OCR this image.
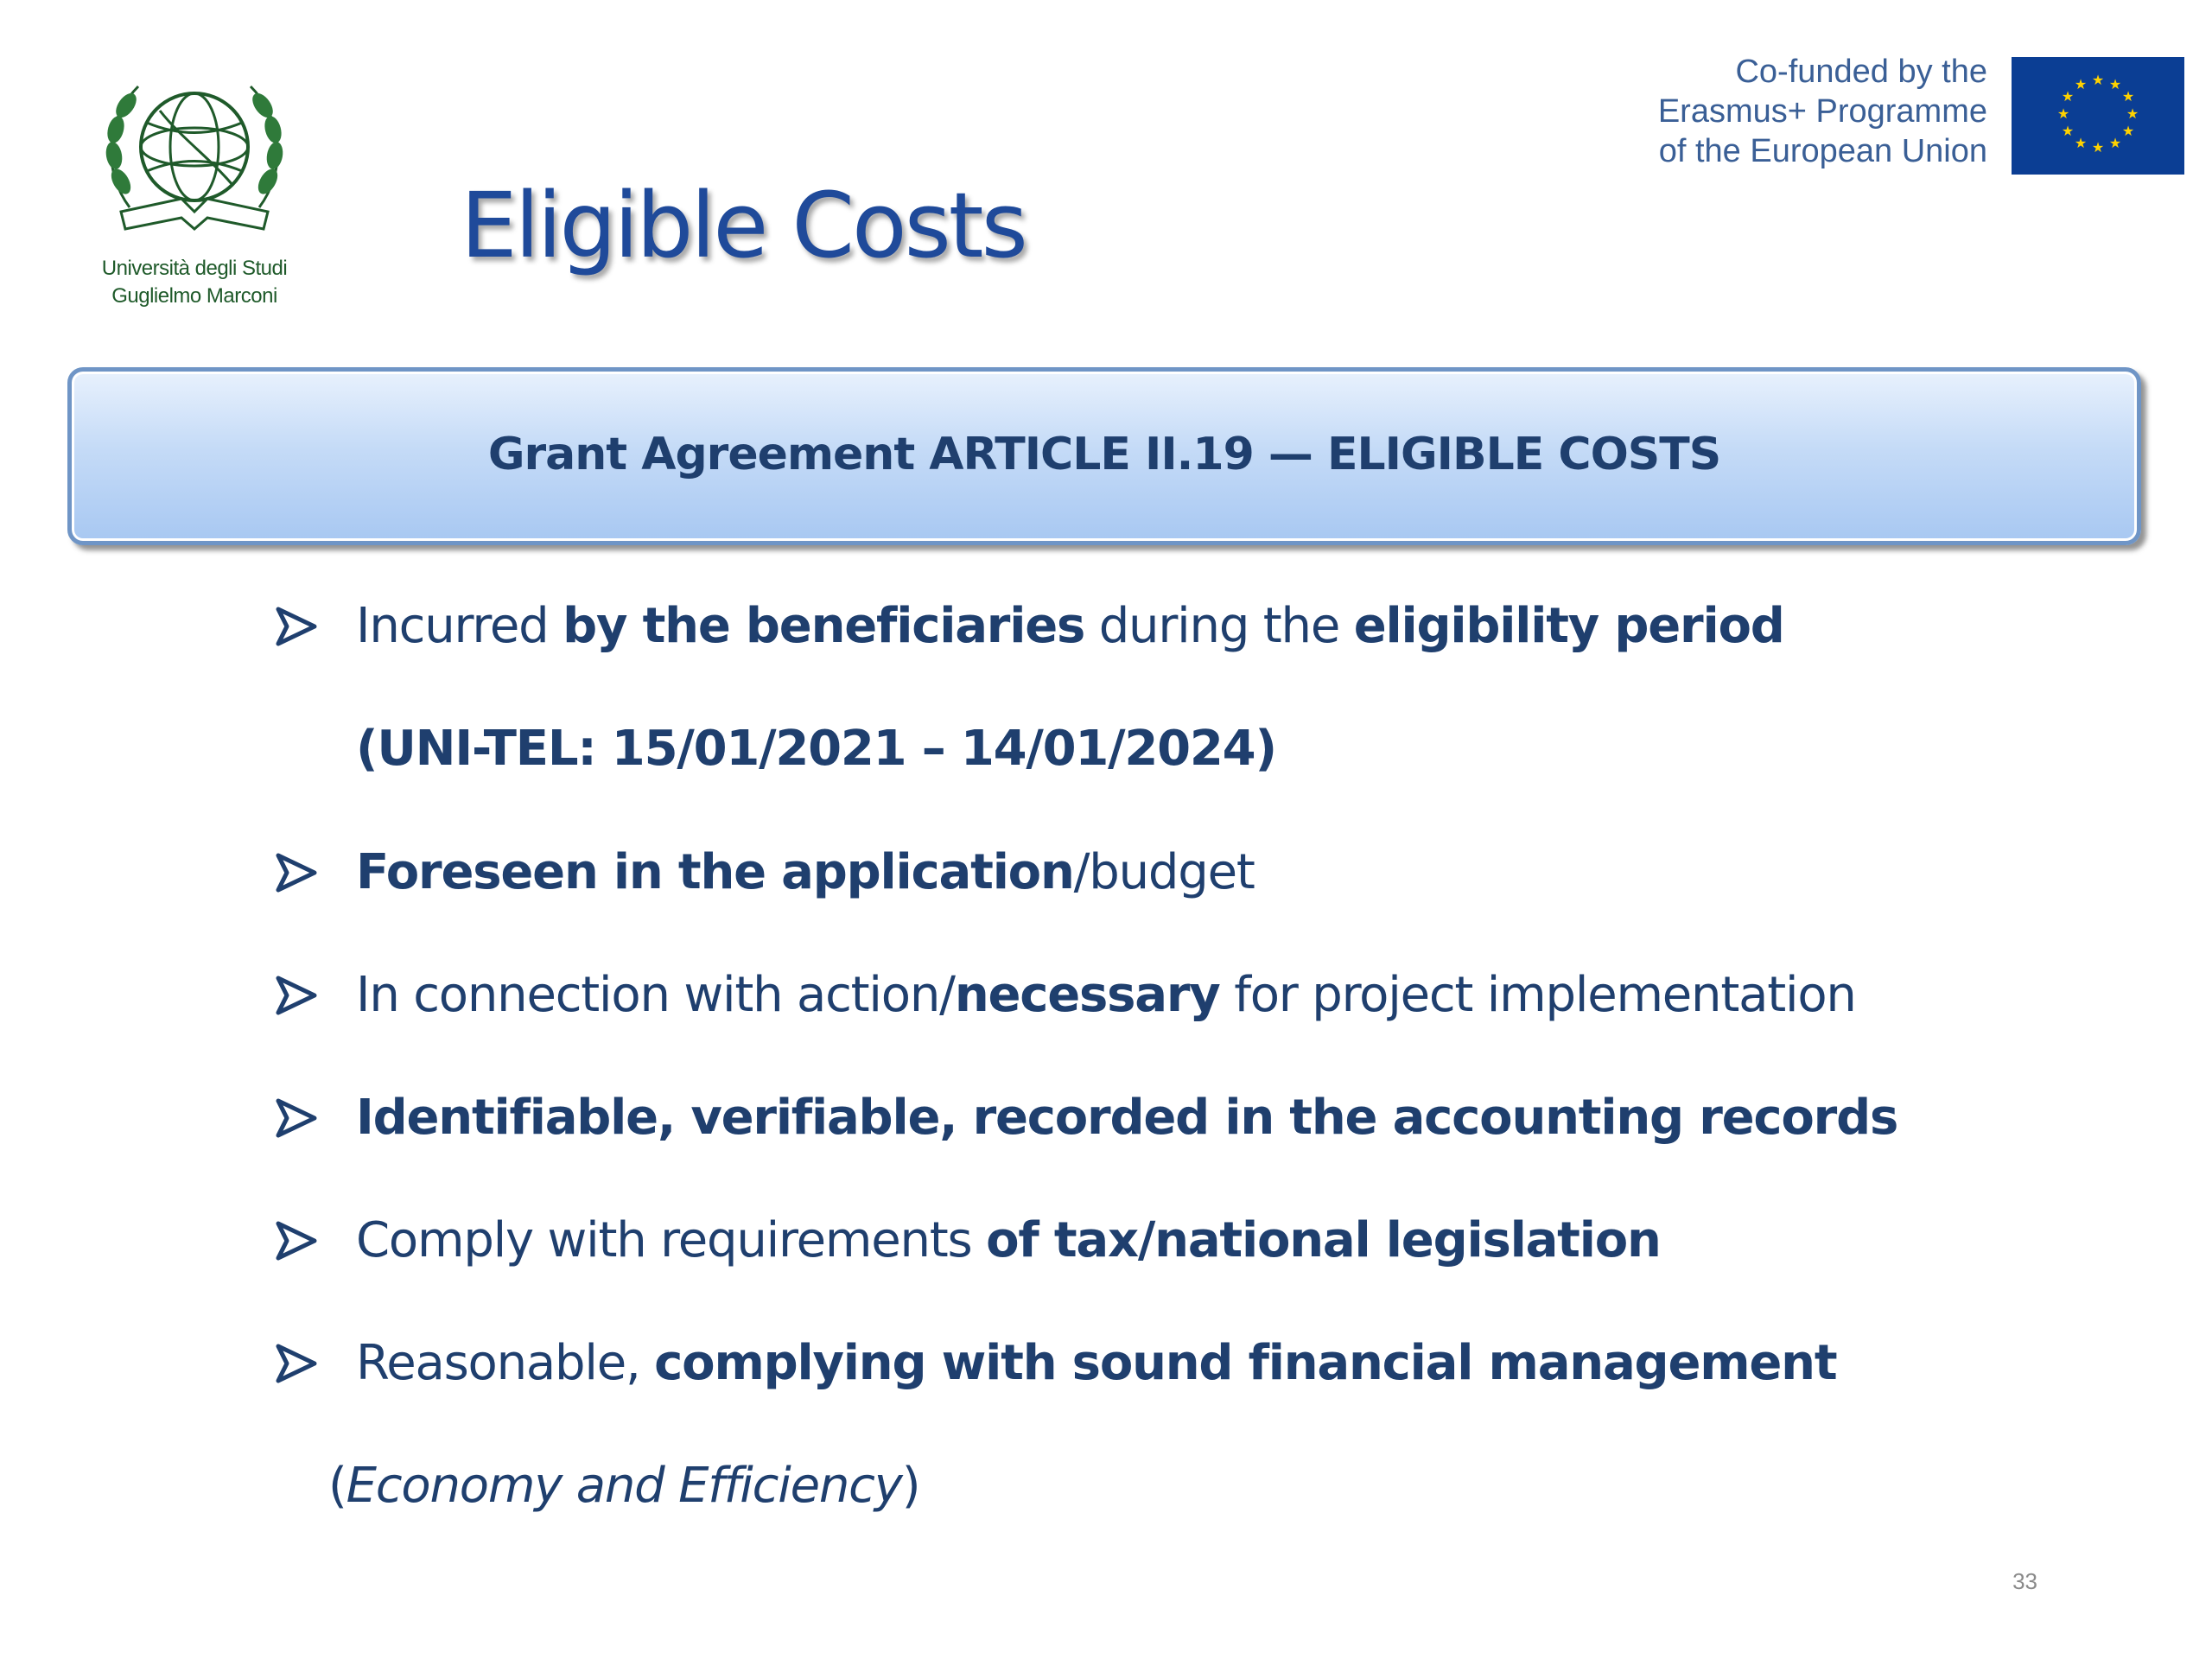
Università degli Studi
Guglielmo Marconi
Eligible Costs
Co-funded by the
Erasmus+ Programme
of the European Union
★ ★
★
★
★
★
★
★
★
★
★
★
Grant Agreement ARTICLE II.19 — ELIGIBLE COSTS
Incurred by the beneficiaries during the eligibility period
(UNI-TEL: 15/01/2021 – 14/01/2024)
Foreseen in the application/budget
In connection with action/necessary for project implementation
Identifiable, verifiable, recorded in the accounting records
Comply with requirements of tax/national legislation
Reasonable, complying with sound financial management
(Economy and Efficiency)
33
